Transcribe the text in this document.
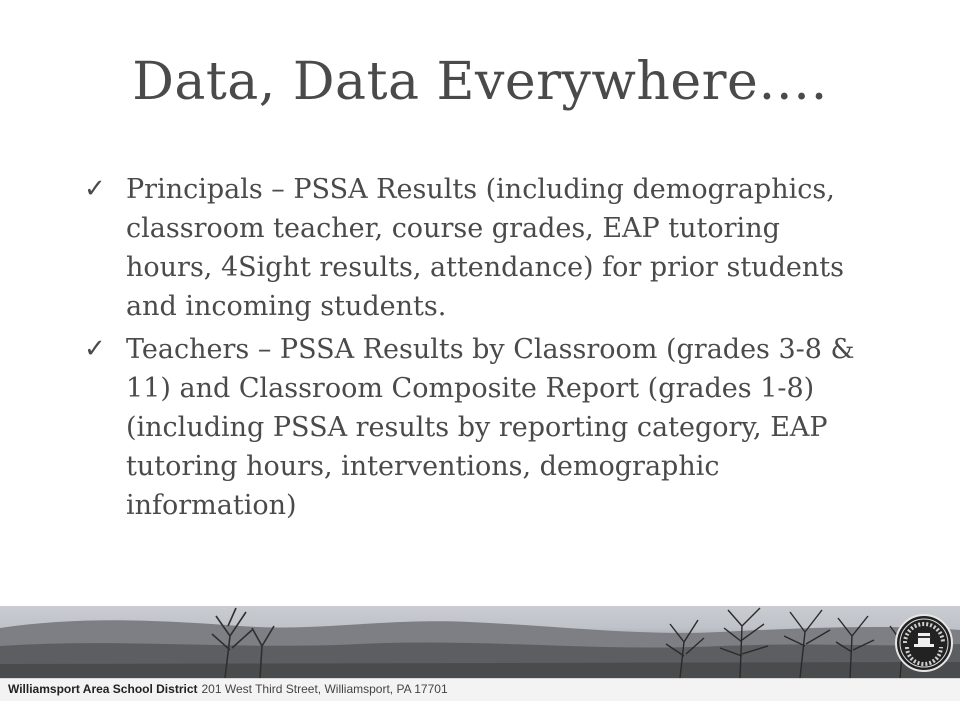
Data, Data Everywhere….
✓ Principals – PSSA Results (including demographics, classroom teacher, course grades, EAP tutoring hours, 4Sight results, attendance) for prior students and incoming students.
✓ Teachers – PSSA Results by Classroom (grades 3-8 & 11) and Classroom Composite Report (grades 1-8)(including PSSA results by reporting category, EAP tutoring hours, interventions, demographic information)
Williamsport Area School District 201 West Third Street, Williamsport, PA 17701
